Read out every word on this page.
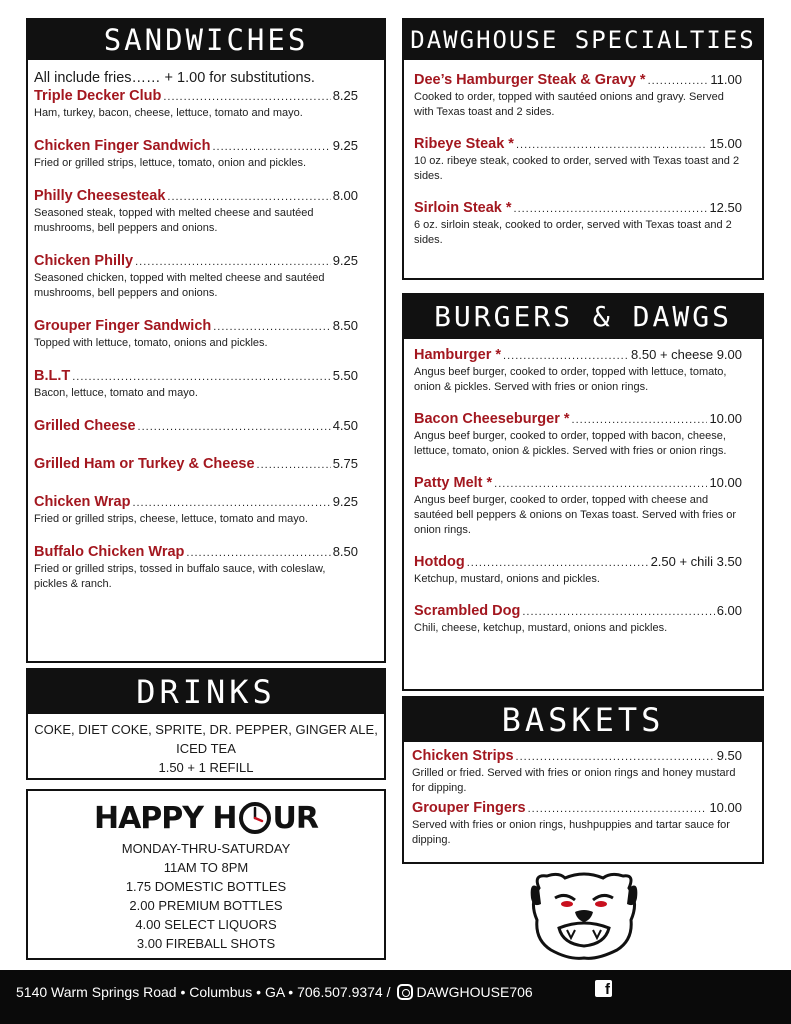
SANDWICHES
All include fries…… + 1.00 for substitutions.
Triple Decker Club .....	8.25
Ham, turkey, bacon, cheese, lettuce, tomato and mayo.
Chicken Finger Sandwich .....	9.25
Fried or grilled strips, lettuce, tomato, onion and pickles.
Philly Cheesesteak .....	8.00
Seasoned steak, topped with melted cheese and sautéed mushrooms, bell peppers and onions.
Chicken Philly .....	9.25
Seasoned chicken, topped with melted cheese and sautéed mushrooms, bell peppers and onions.
Grouper Finger Sandwich .....	8.50
Topped with lettuce, tomato, onions and pickles.
B.L.T .....	5.50
Bacon, lettuce, tomato and mayo.
Grilled Cheese .....	4.50
Grilled Ham or Turkey & Cheese .....	5.75
Chicken Wrap .....	9.25
Fried or grilled strips, cheese, lettuce, tomato and mayo.
Buffalo Chicken Wrap .....	8.50
Fried or grilled strips, tossed in buffalo sauce, with coleslaw, pickles & ranch.
DAWGHOUSE SPECIALTIES
Dee’s Hamburger Steak & Gravy * .....	11.00
Cooked to order, topped with sautéed onions and gravy. Served with Texas toast and 2 sides.
Ribeye Steak * .....	15.00
10 oz. ribeye steak, cooked to order, served with Texas toast and 2 sides.
Sirloin Steak * .....	12.50
6 oz. sirloin steak, cooked to order, served with Texas toast and 2 sides.
BURGERS & DAWGS
Hamburger * .....	8.50 + cheese 9.00
Angus beef burger, cooked to order, topped with lettuce, tomato, onion & pickles. Served with fries or onion rings.
Bacon Cheeseburger * .....	10.00
Angus beef burger, cooked to order, topped with bacon, cheese, lettuce, tomato, onion & pickles. Served with fries or onion rings.
Patty Melt * .....	10.00
Angus beef burger, cooked to order, topped with cheese and sautéed bell peppers & onions on Texas toast. Served with fries or onion rings.
Hotdog .....	2.50 + chili 3.50
Ketchup, mustard, onions and pickles.
Scrambled Dog .....	6.00
Chili, cheese, ketchup, mustard, onions and pickles.
DRINKS
COKE, DIET COKE, SPRITE, DR. PEPPER, GINGER ALE,
ICED TEA
1.50 + 1 REFILL
HAPPY H UR
MONDAY-THRU-SATURDAY
11AM TO 8PM
1.75 DOMESTIC BOTTLES
2.00 PREMIUM BOTTLES
4.00 SELECT LIQUORS
3.00 FIREBALL SHOTS
BASKETS
Chicken Strips .....	9.50
Grilled or fried. Served with fries or onion rings and honey mustard for dipping.
Grouper Fingers .....	10.00
Served with fries or onion rings, hushpuppies and tartar sauce for dipping.
5140 Warm Springs Road • Columbus • GA • 706.507.9374 / DAWGHOUSE706	f
